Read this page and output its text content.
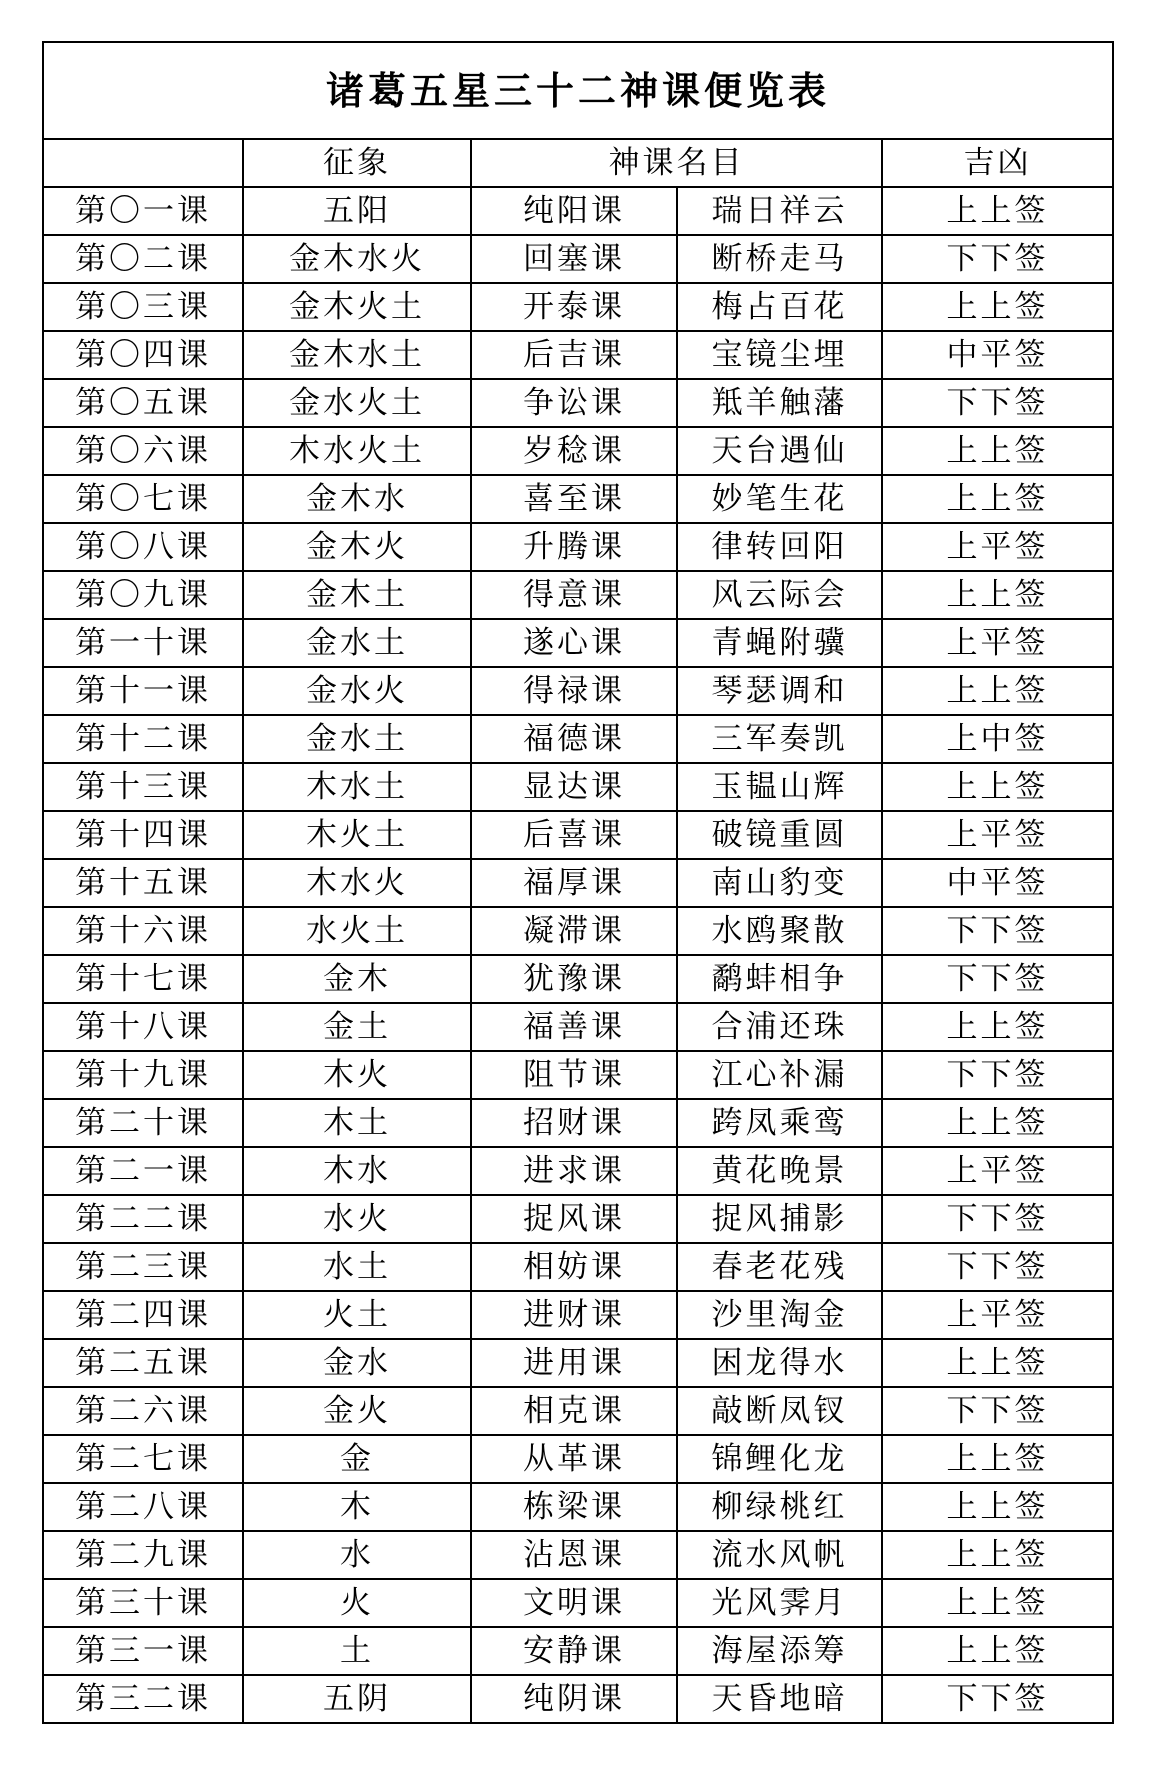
诸葛五星三十二神课便览表				
	征象	神课名目		吉凶
第〇一课	五阳	纯阳课	瑞日祥云	上上签
第〇二课	金木水火	回塞课	断桥走马	下下签
第〇三课	金木火土	开泰课	梅占百花	上上签
第〇四课	金木水土	后吉课	宝镜尘埋	中平签
第〇五课	金水火土	争讼课	羝羊触藩	下下签
第〇六课	木水火土	岁稔课	天台遇仙	上上签
第〇七课	金木水	喜至课	妙笔生花	上上签
第〇八课	金木火	升腾课	律转回阳	上平签
第〇九课	金木土	得意课	风云际会	上上签
第一十课	金水土	遂心课	青蝇附骥	上平签
第十一课	金水火	得禄课	琴瑟调和	上上签
第十二课	金水土	福德课	三军奏凯	上中签
第十三课	木水土	显达课	玉韫山辉	上上签
第十四课	木火土	后喜课	破镜重圆	上平签
第十五课	木水火	福厚课	南山豹变	中平签
第十六课	水火土	凝滞课	水鸥聚散	下下签
第十七课	金木	犹豫课	鹬蚌相争	下下签
第十八课	金土	福善课	合浦还珠	上上签
第十九课	木火	阻节课	江心补漏	下下签
第二十课	木土	招财课	跨凤乘鸾	上上签
第二一课	木水	进求课	黄花晚景	上平签
第二二课	水火	捉风课	捉风捕影	下下签
第二三课	水土	相妨课	春老花残	下下签
第二四课	火土	进财课	沙里淘金	上平签
第二五课	金水	进用课	困龙得水	上上签
第二六课	金火	相克课	敲断凤钗	下下签
第二七课	金	从革课	锦鲤化龙	上上签
第二八课	木	栋梁课	柳绿桃红	上上签
第二九课	水	沾恩课	流水风帆	上上签
第三十课	火	文明课	光风霁月	上上签
第三一课	土	安静课	海屋添筹	上上签
第三二课	五阴	纯阴课	天昏地暗	下下签
